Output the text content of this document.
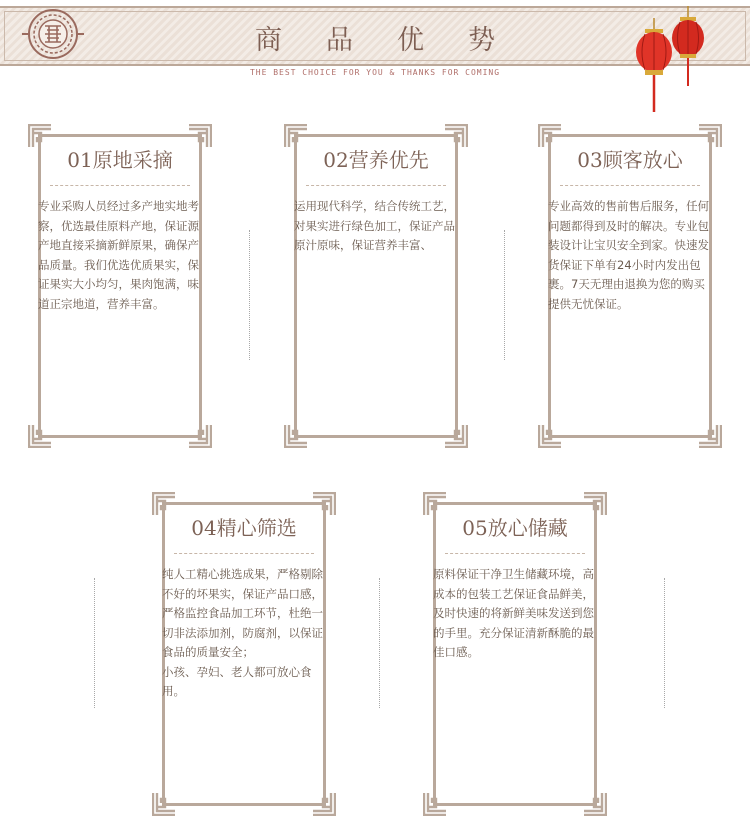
商品优势
THE BEST CHOICE FOR YOU & THANKS FOR COMING
01原地采摘

专业采购人员经过多产地实地考察，优选最佳原料产地，保证源产地直接采摘新鲜原果，确保产品质量。我们优选优质果实，保证果实大小均匀，果肉饱满，味道正宗地道，营养丰富。

02营养优先

运用现代科学，结合传统工艺，对果实进行绿色加工，保证产品原汁原味，保证营养丰富、

03顾客放心

专业高效的售前售后服务，任何问题都得到及时的解决。专业包装设计让宝贝安全到家。快速发货保证下单有24小时内发出包裹。7天无理由退换为您的购买提供无忧保证。

04精心筛选

纯人工精心挑选成果，严格剔除不好的坏果实，保证产品口感，严格监控食品加工环节，杜绝一切非法添加剂，防腐剂，以保证食品的质量安全；

小孩、孕妇、老人都可放心食用。

05放心储藏

原料保证干净卫生储藏环境，高成本的包装工艺保证食品鲜美，及时快速的将新鲜美味发送到您的手里。充分保证清新酥脆的最佳口感。
